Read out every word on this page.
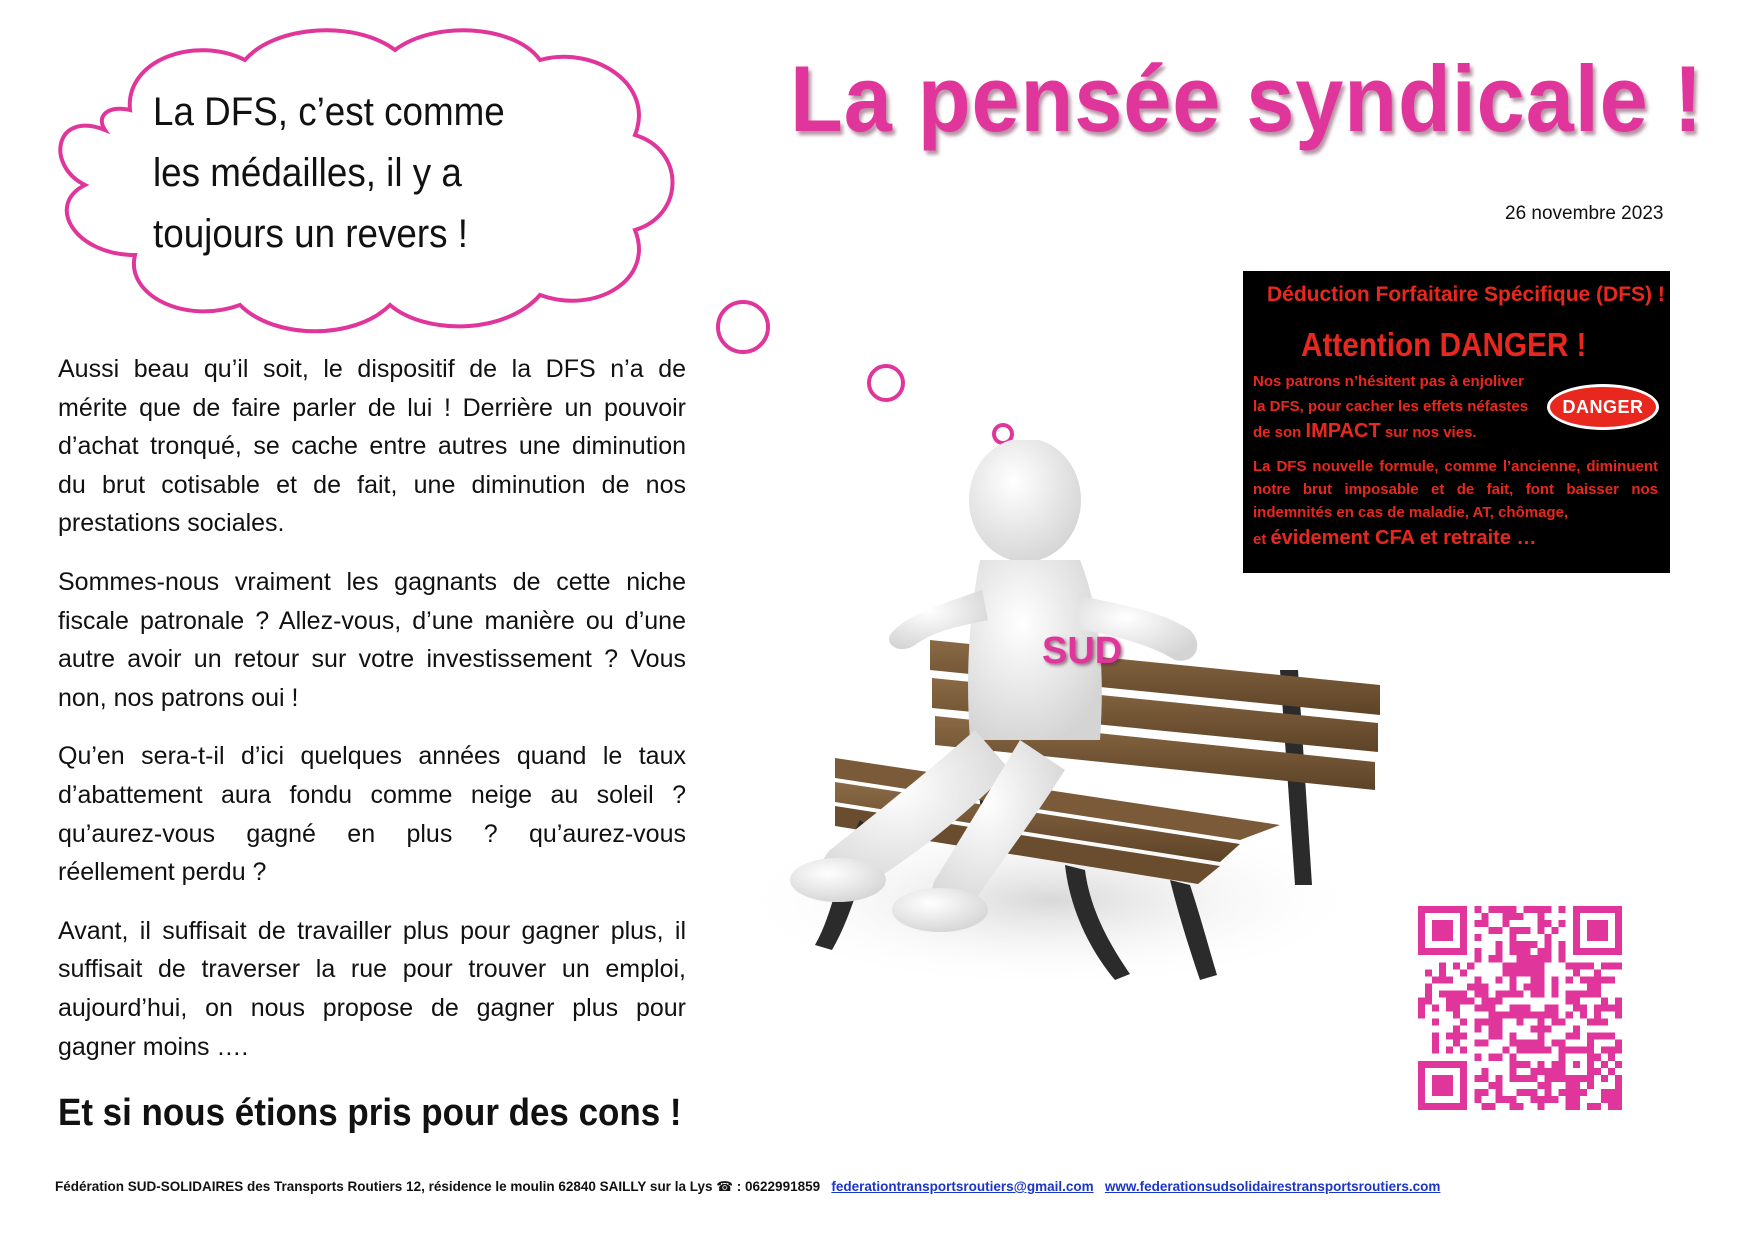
La DFS, c’est comme
les médailles, il y a
toujours un revers !
La pensée syndicale !
26 novembre 2023

Aussi beau qu’il soit, le dispositif de la DFS n’a de mérite que de faire parler de lui ! Derrière un pouvoir d’achat tronqué, se cache entre autres une diminution du brut cotisable et de fait, une diminution de nos prestations sociales.

Sommes-nous vraiment les gagnants de cette niche fiscale patronale ? Allez-vous, d’une manière ou d’une autre avoir un retour sur votre investissement ? Vous non, nos patrons oui !

Qu’en sera-t-il d’ici quelques années quand le taux d’abattement aura fondu comme neige au soleil ? qu’aurez-vous gagné en plus ? qu’aurez-vous réellement perdu ?

Avant, il suffisait de travailler plus pour gagner plus, il suffisait de traverser la rue pour trouver un emploi, aujourd’hui, on nous propose de gagner plus pour gagner moins ….

Et si nous étions pris pour des cons !
SUD
Déduction Forfaitaire Spécifique (DFS) !
Attention DANGER !
Nos patrons n’hésitent pas à enjoliver
la DFS, pour cacher les effets néfastes
de son IMPACT sur nos vies.
DANGER
La DFS nouvelle formule, comme l’ancienne, diminuent notre brut imposable et de fait, font baisser nos indemnités en cas de maladie, AT, chômage,
et évidement CFA et retraite …
Fédération SUD-SOLIDAIRES des Transports Routiers 12, résidence le moulin 62840 SAILLY sur la Lys ☎ : 0622991859 federationtransportsroutiers@gmail.com www.federationsudsolidairestransportsroutiers.com
